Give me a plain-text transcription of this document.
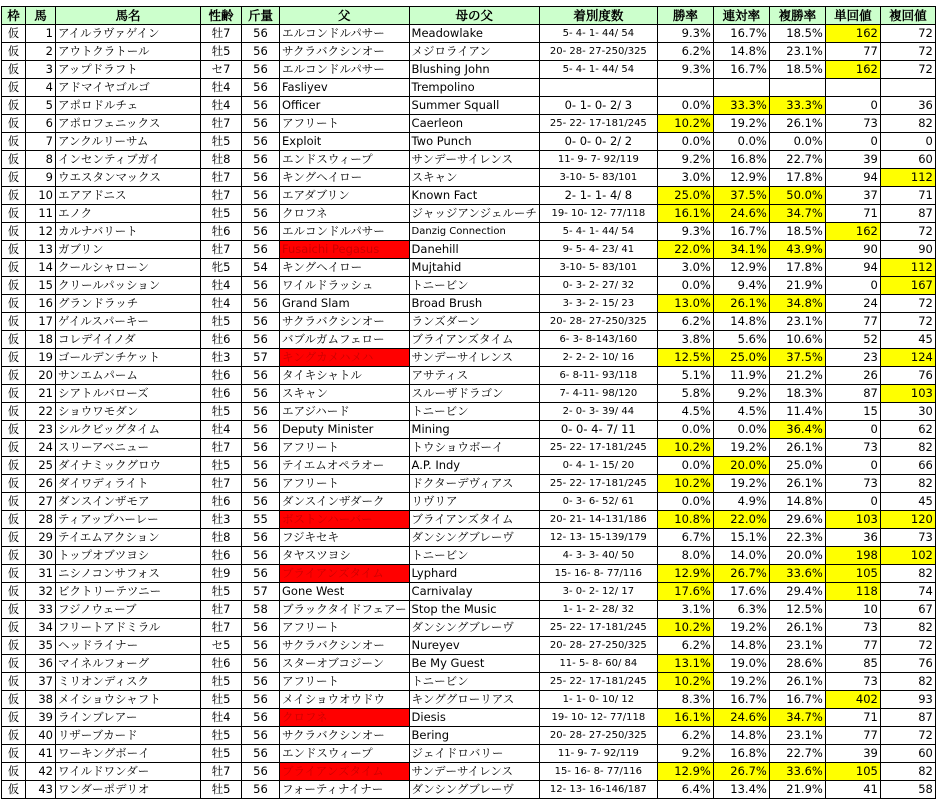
枠	馬	馬名	性齢	斤量	父	母の父	着別度数	勝率	連対率	複勝率	単回値	複回値
仮	1	アイルラヴァゲイン	牡7	56	エルコンドルパサー	Meadowlake	5- 4- 1- 44/ 54	9.3%	16.7%	18.5%	162	72
仮	2	アウトクラトール	牡5	56	サクラバクシンオー	メジロライアン	20- 28- 27-250/325	6.2%	14.8%	23.1%	77	72
仮	3	アップドラフト	セ7	56	エルコンドルパサー	Blushing John	5- 4- 1- 44/ 54	9.3%	16.7%	18.5%	162	72
仮	4	アドマイヤゴルゴ	牡4	56	Fasliyev	Trempolino						
仮	5	アポロドルチェ	牡4	56	Officer	Summer Squall	0- 1- 0- 2/ 3	0.0%	33.3%	33.3%	0	36
仮	6	アポロフェニックス	牡7	56	アフリート	Caerleon	25- 22- 17-181/245	10.2%	19.2%	26.1%	73	82
仮	7	アンクルリーサム	牡5	56	Exploit	Two Punch	0- 0- 0- 2/ 2	0.0%	0.0%	0.0%	0	0
仮	8	インセンティブガイ	牡8	56	エンドスウィープ	サンデーサイレンス	11- 9- 7- 92/119	9.2%	16.8%	22.7%	39	60
仮	9	ウエスタンマックス	牡7	56	キングヘイロー	スキャン	3-10- 5- 83/101	3.0%	12.9%	17.8%	94	112
仮	10	エアアドニス	牡7	56	エアダブリン	Known Fact	2- 1- 1- 4/ 8	25.0%	37.5%	50.0%	37	71
仮	11	エノク	牡5	56	クロフネ	ジャッジアンジェルーチ	19- 10- 12- 77/118	16.1%	24.6%	34.7%	71	87
仮	12	カルナバリート	牡6	56	エルコンドルパサー	Danzig Connection	5- 4- 1- 44/ 54	9.3%	16.7%	18.5%	162	72
仮	13	ガブリン	牡7	56	Fusaichi Pegasus	Danehill	9- 5- 4- 23/ 41	22.0%	34.1%	43.9%	90	90
仮	14	クールシャローン	牝5	54	キングヘイロー	Mujtahid	3-10- 5- 83/101	3.0%	12.9%	17.8%	94	112
仮	15	クリールパッション	牡4	56	ワイルドラッシュ	トニービン	0- 3- 2- 27/ 32	0.0%	9.4%	21.9%	0	167
仮	16	グランドラッチ	牡4	56	Grand Slam	Broad Brush	3- 3- 2- 15/ 23	13.0%	26.1%	34.8%	24	72
仮	17	ゲイルスパーキー	牡5	56	サクラバクシンオー	ランズダーン	20- 28- 27-250/325	6.2%	14.8%	23.1%	77	72
仮	18	コレデイイノダ	牡6	56	バブルガムフェロー	ブライアンズタイム	6- 3- 8-143/160	3.8%	5.6%	10.6%	52	45
仮	19	ゴールデンチケット	牡3	57	キングカメハメハ	サンデーサイレンス	2- 2- 2- 10/ 16	12.5%	25.0%	37.5%	23	124
仮	20	サンエムパーム	牡6	56	タイキシャトル	アサティス	6- 8-11- 93/118	5.1%	11.9%	21.2%	26	76
仮	21	シアトルバローズ	牡6	56	スキャン	スルーザドラゴン	7- 4-11- 98/120	5.8%	9.2%	18.3%	87	103
仮	22	ショウワモダン	牡5	56	エアジハード	トニービン	2- 0- 3- 39/ 44	4.5%	4.5%	11.4%	15	30
仮	23	シルクビッグタイム	牡4	56	Deputy Minister	Mining	0- 0- 4- 7/ 11	0.0%	0.0%	36.4%	0	62
仮	24	スリーアベニュー	牡7	56	アフリート	トウショウボーイ	25- 22- 17-181/245	10.2%	19.2%	26.1%	73	82
仮	25	ダイナミックグロウ	牡5	56	テイエムオペラオー	A.P. Indy	0- 4- 1- 15/ 20	0.0%	20.0%	25.0%	0	66
仮	26	ダイワディライト	牡7	56	アフリート	ドクターデヴィアス	25- 22- 17-181/245	10.2%	19.2%	26.1%	73	82
仮	27	ダンスインザモア	牡6	56	ダンスインザダーク	リヴリア	0- 3- 6- 52/ 61	0.0%	4.9%	14.8%	0	45
仮	28	ティアップハーレー	牡3	55	ボストンハーバー	ブライアンズタイム	20- 21- 14-131/186	10.8%	22.0%	29.6%	103	120
仮	29	テイエムアクション	牡8	56	フジキセキ	ダンシングブレーヴ	12- 13- 15-139/179	6.7%	15.1%	22.3%	36	73
仮	30	トップオブツヨシ	牡6	56	タヤスツヨシ	トニービン	4- 3- 3- 40/ 50	8.0%	14.0%	20.0%	198	102
仮	31	ニシノコンサフォス	牡9	56	ブライアンズタイム	Lyphard	15- 16- 8- 77/116	12.9%	26.7%	33.6%	105	82
仮	32	ビクトリーテツニー	牡5	57	Gone West	Carnivalay	3- 0- 2- 12/ 17	17.6%	17.6%	29.4%	118	74
仮	33	フジノウェーブ	牡7	58	ブラックタイドフェアー	Stop the Music	1- 1- 2- 28/ 32	3.1%	6.3%	12.5%	10	67
仮	34	フリートアドミラル	牡7	56	アフリート	ダンシングブレーヴ	25- 22- 17-181/245	10.2%	19.2%	26.1%	73	82
仮	35	ヘッドライナー	セ5	56	サクラバクシンオー	Nureyev	20- 28- 27-250/325	6.2%	14.8%	23.1%	77	72
仮	36	マイネルフォーグ	牡6	56	スターオブコジーン	Be My Guest	11- 5- 8- 60/ 84	13.1%	19.0%	28.6%	85	76
仮	37	ミリオンディスク	牡5	56	アフリート	トニービン	25- 22- 17-181/245	10.2%	19.2%	26.1%	73	82
仮	38	メイショウシャフト	牡5	56	メイショウオウドウ	キンググローリアス	1- 1- 0- 10/ 12	8.3%	16.7%	16.7%	402	93
仮	39	ラインブレアー	牡4	56	クロフネ	Diesis	19- 10- 12- 77/118	16.1%	24.6%	34.7%	71	87
仮	40	リザーブカード	牡5	56	サクラバクシンオー	Bering	20- 28- 27-250/325	6.2%	14.8%	23.1%	77	72
仮	41	ワーキングボーイ	牡5	56	エンドスウィープ	ジェイドロバリー	11- 9- 7- 92/119	9.2%	16.8%	22.7%	39	60
仮	42	ワイルドワンダー	牡7	56	ブライアンズタイム	サンデーサイレンス	15- 16- 8- 77/116	12.9%	26.7%	33.6%	105	82
仮	43	ワンダーポデリオ	牡5	56	フォーティナイナー	ダンシングブレーヴ	12- 13- 16-146/187	6.4%	13.4%	21.9%	41	58
